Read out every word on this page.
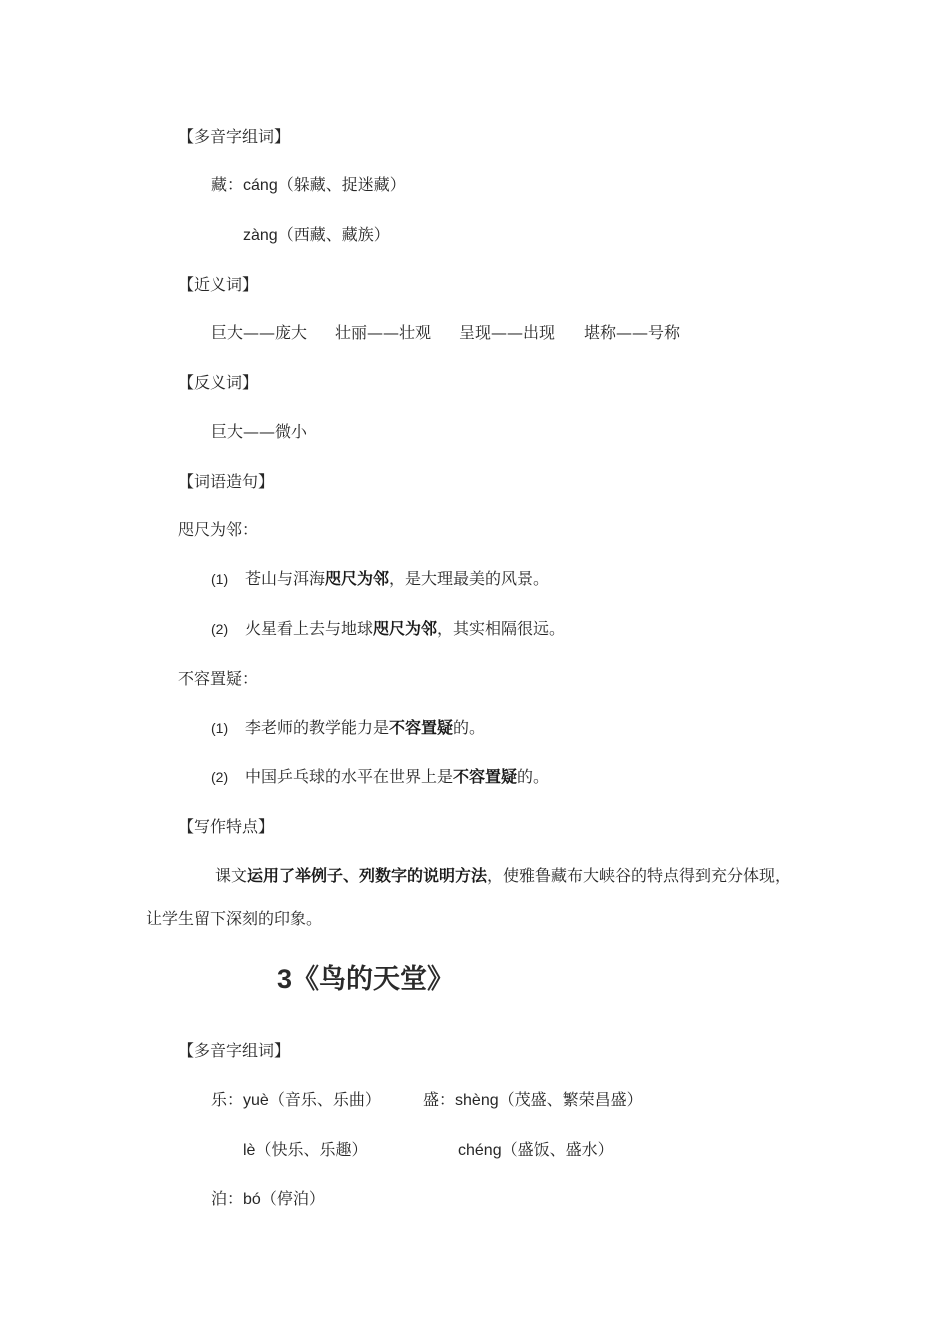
【多音字组词】
藏：cáng（躲藏、捉迷藏）
zàng（西藏、藏族）
【近义词】
巨大——庞大 壮丽——壮观 呈现——出现 堪称——号称
【反义词】
巨大——微小
【词语造句】
咫尺为邻：
(1) 苍山与洱海咫尺为邻，是大理最美的风景。
(2) 火星看上去与地球咫尺为邻，其实相隔很远。
不容置疑：
(1) 李老师的教学能力是不容置疑的。
(2) 中国乒乓球的水平在世界上是不容置疑的。
【写作特点】
课文运用了举例子、列数字的说明方法，使雅鲁藏布大峡谷的特点得到充分体现，
让学生留下深刻的印象。
3《鸟的天堂》
【多音字组词】
乐：yuè（音乐、乐曲）	盛：shèng（茂盛、繁荣昌盛）
lè（快乐、乐趣）	chéng（盛饭、盛水）
泊：bó（停泊）
